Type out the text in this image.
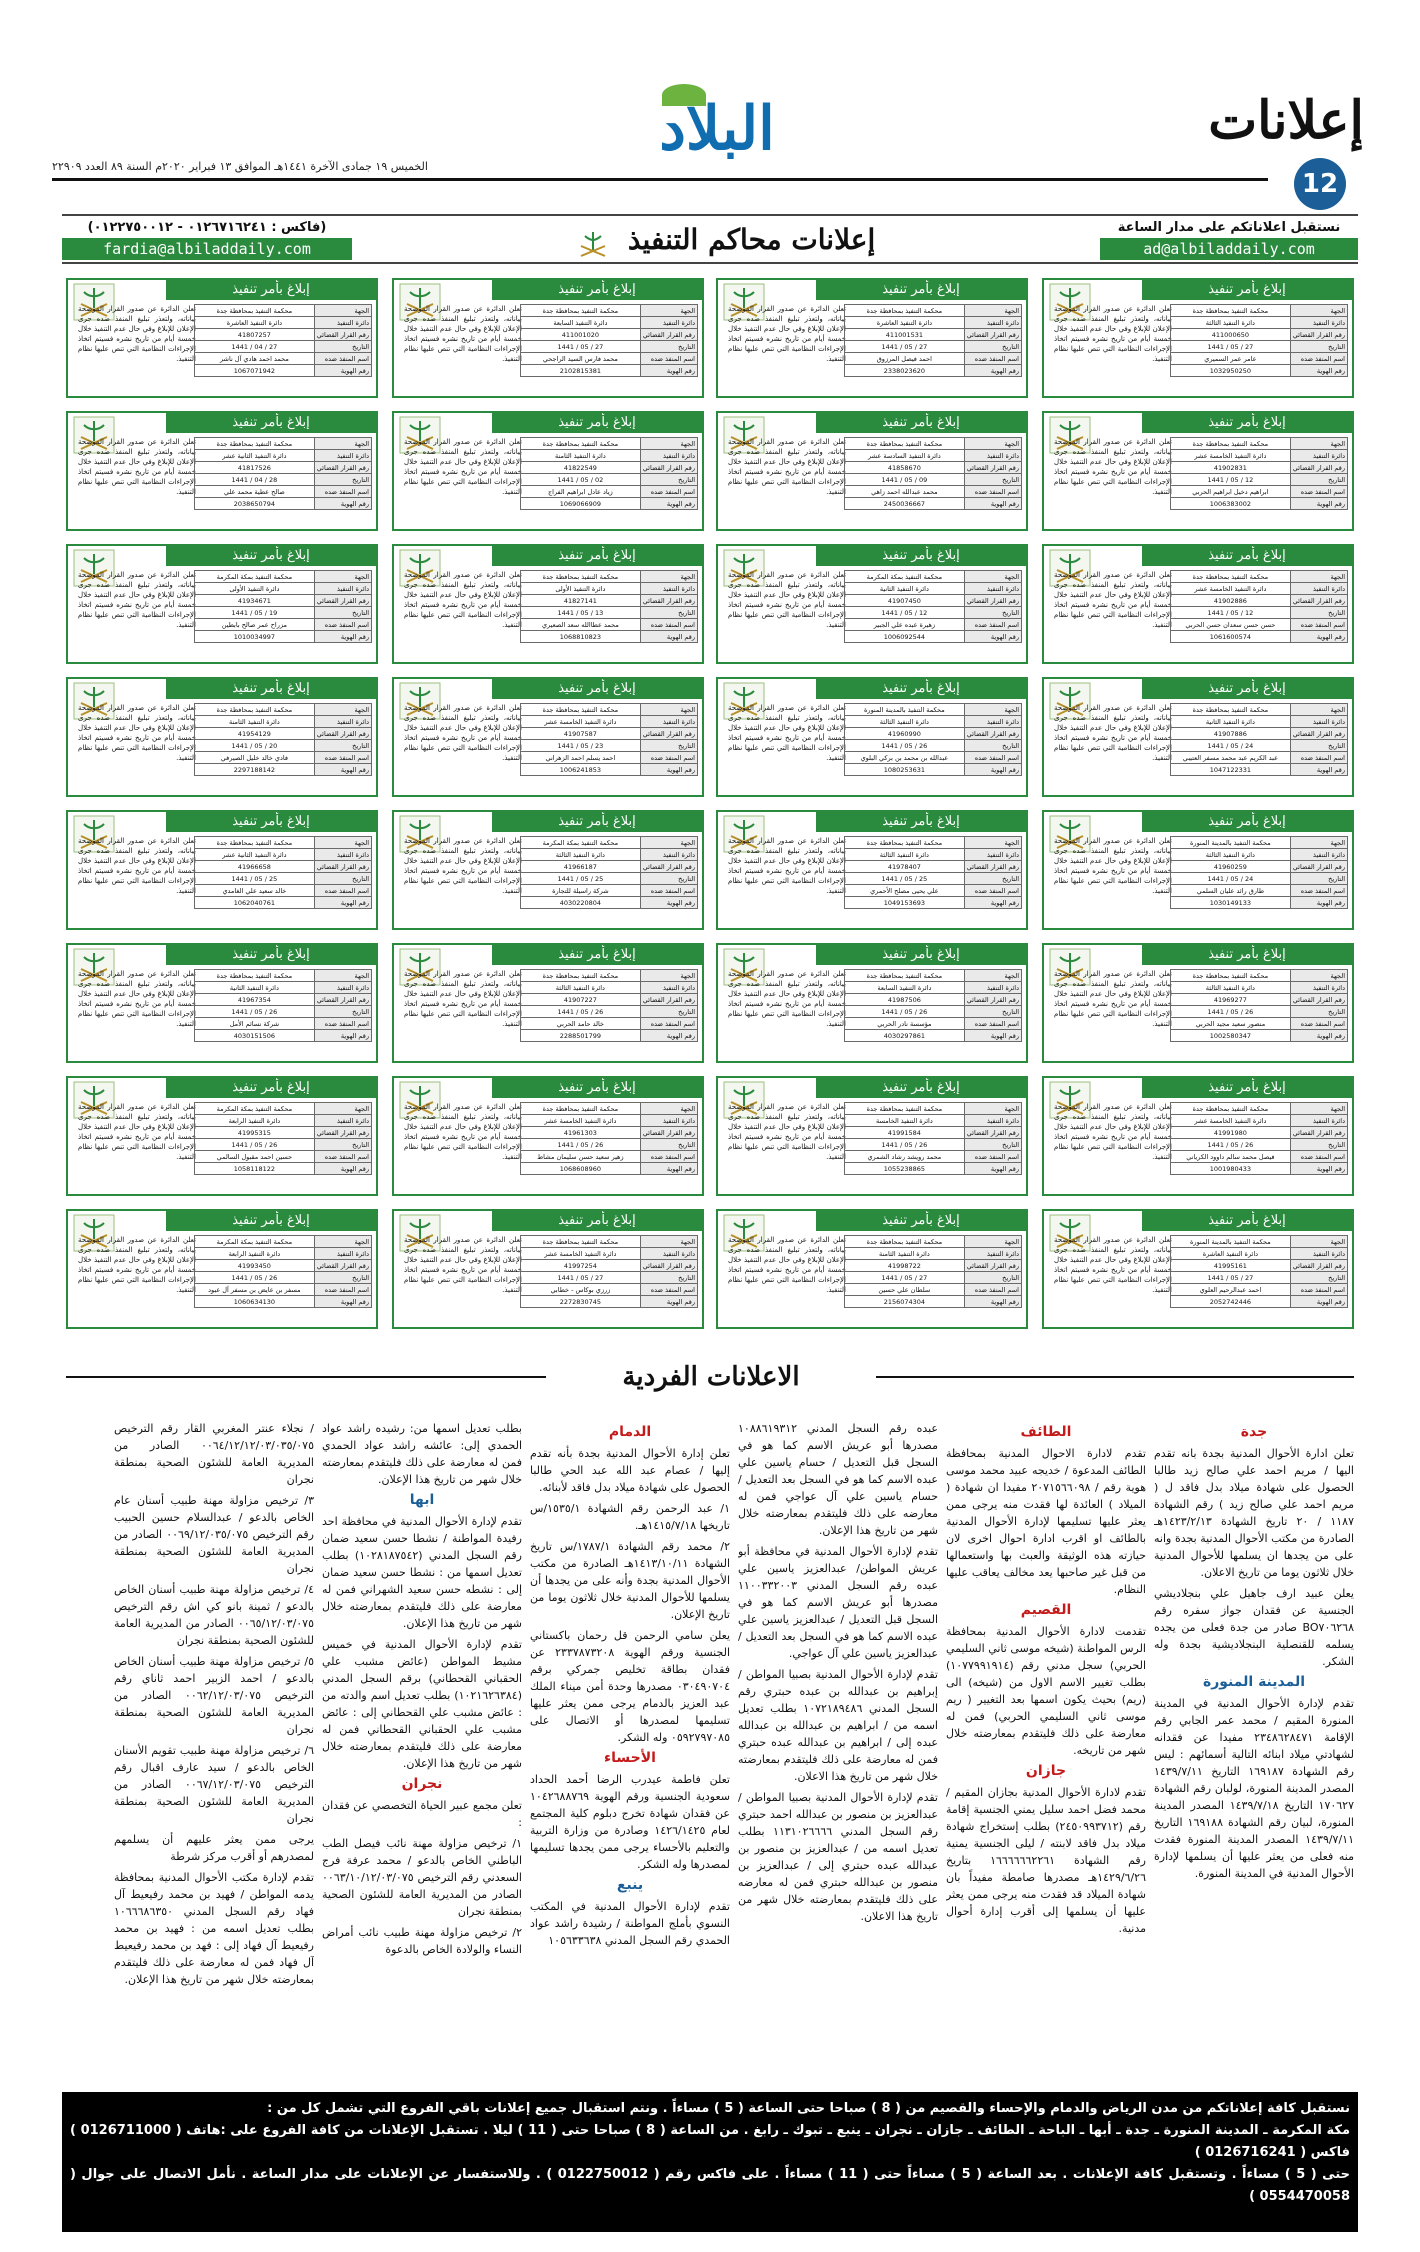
إعلانات
12
البلاد
الخميس ١٩ جمادى الآخرة ١٤٤١هـ الموافق ١٣ فبراير ٢٠٢٠م السنة ٨٩ العدد ٢٢٩٠٩
نستقبل اعلاناتكم على مدار الساعة
ad@albiladdaily.com
إعلانات محاكم التنفيذ
(فاكس : ٠١٢٦٧١٦٢٤١ - ٠١٢٢٧٥٠٠١٢)
fardia@albiladdaily.com
إبلاغ بأمر تنفيذ
تعلن الدائرة عن صدور القرار الموضحة بياناته، ولتعذر تبليغ المنفذ ضده جرى الإعلان للإبلاغ وفي حال عدم التنفيذ خلال خمسة أيام من تاريخ نشره فسيتم اتخاذ الإجراءات النظامية التي تنص عليها نظام التنفيذ.
الجهة	محكمة التنفيذ بمحافظة جدة
دائرة التنفيذ	دائرة التنفيذ الثالثة
رقم القرار القضائي	411000650
التاريخ	27 / 05 / 1441
اسم المنفذ ضده	عامر عمر السميري
رقم الهوية	1032950250
إبلاغ بأمر تنفيذ
تعلن الدائرة عن صدور القرار الموضحة بياناته، ولتعذر تبليغ المنفذ ضده جرى الإعلان للإبلاغ وفي حال عدم التنفيذ خلال خمسة أيام من تاريخ نشره فسيتم اتخاذ الإجراءات النظامية التي تنص عليها نظام التنفيذ.
الجهة	محكمة التنفيذ بمحافظة جدة
دائرة التنفيذ	دائرة التنفيذ العاشرة
رقم القرار القضائي	411001531
التاريخ	27 / 05 / 1441
اسم المنفذ ضده	احمد فيصل المرزوق
رقم الهوية	2338023620
إبلاغ بأمر تنفيذ
تعلن الدائرة عن صدور القرار الموضحة بياناته، ولتعذر تبليغ المنفذ ضده جرى الإعلان للإبلاغ وفي حال عدم التنفيذ خلال خمسة أيام من تاريخ نشره فسيتم اتخاذ الإجراءات النظامية التي تنص عليها نظام التنفيذ.
الجهة	محكمة التنفيذ بمحافظة جدة
دائرة التنفيذ	دائرة التنفيذ السابعة
رقم القرار القضائي	411001020
التاريخ	27 / 05 / 1441
اسم المنفذ ضده	محمد فارس السيد الراجحي
رقم الهوية	2102815381
إبلاغ بأمر تنفيذ
تعلن الدائرة عن صدور القرار الموضحة بياناته، ولتعذر تبليغ المنفذ ضده جرى الإعلان للإبلاغ وفي حال عدم التنفيذ خلال خمسة أيام من تاريخ نشره فسيتم اتخاذ الإجراءات النظامية التي تنص عليها نظام التنفيذ.
الجهة	محكمة التنفيذ بمحافظة جدة
دائرة التنفيذ	دائرة التنفيذ العاشرة
رقم القرار القضائي	41807257
التاريخ	27 / 04 / 1441
اسم المنفذ ضده	محمد احمد هادي آل ناشر
رقم الهوية	1067071942
إبلاغ بأمر تنفيذ
تعلن الدائرة عن صدور القرار الموضحة بياناته، ولتعذر تبليغ المنفذ ضده جرى الإعلان للإبلاغ وفي حال عدم التنفيذ خلال خمسة أيام من تاريخ نشره فسيتم اتخاذ الإجراءات النظامية التي تنص عليها نظام التنفيذ.
الجهة	محكمة التنفيذ بمحافظة جدة
دائرة التنفيذ	دائرة التنفيذ الخامسة عشر
رقم القرار القضائي	41902831
التاريخ	12 / 05 / 1441
اسم المنفذ ضده	ابراهيم دخيل ابراهيم الحربي
رقم الهوية	1006383002
إبلاغ بأمر تنفيذ
تعلن الدائرة عن صدور القرار الموضحة بياناته، ولتعذر تبليغ المنفذ ضده جرى الإعلان للإبلاغ وفي حال عدم التنفيذ خلال خمسة أيام من تاريخ نشره فسيتم اتخاذ الإجراءات النظامية التي تنص عليها نظام التنفيذ.
الجهة	محكمة التنفيذ بمحافظة جدة
دائرة التنفيذ	دائرة التنفيذ السادسة عشر
رقم القرار القضائي	41858670
التاريخ	09 / 05 / 1441
اسم المنفذ ضده	محمد عبدالله احمد زاهي
رقم الهوية	2450036667
إبلاغ بأمر تنفيذ
تعلن الدائرة عن صدور القرار الموضحة بياناته، ولتعذر تبليغ المنفذ ضده جرى الإعلان للإبلاغ وفي حال عدم التنفيذ خلال خمسة أيام من تاريخ نشره فسيتم اتخاذ الإجراءات النظامية التي تنص عليها نظام التنفيذ.
الجهة	محكمة التنفيذ بمحافظة جدة
دائرة التنفيذ	دائرة التنفيذ الثامنة
رقم القرار القضائي	41822549
التاريخ	02 / 05 / 1441
اسم المنفذ ضده	زياد عادل ابراهيم الفراج
رقم الهوية	1069066909
إبلاغ بأمر تنفيذ
تعلن الدائرة عن صدور القرار الموضحة بياناته، ولتعذر تبليغ المنفذ ضده جرى الإعلان للإبلاغ وفي حال عدم التنفيذ خلال خمسة أيام من تاريخ نشره فسيتم اتخاذ الإجراءات النظامية التي تنص عليها نظام التنفيذ.
الجهة	محكمة التنفيذ بمحافظة جدة
دائرة التنفيذ	دائرة التنفيذ الثانية عشر
رقم القرار القضائي	41817526
التاريخ	28 / 04 / 1441
اسم المنفذ ضده	صالح عطية محمد علي
رقم الهوية	2038650794
إبلاغ بأمر تنفيذ
تعلن الدائرة عن صدور القرار الموضحة بياناته، ولتعذر تبليغ المنفذ ضده جرى الإعلان للإبلاغ وفي حال عدم التنفيذ خلال خمسة أيام من تاريخ نشره فسيتم اتخاذ الإجراءات النظامية التي تنص عليها نظام التنفيذ.
الجهة	محكمة التنفيذ بمحافظة جدة
دائرة التنفيذ	دائرة التنفيذ الخامسة عشر
رقم القرار القضائي	41902886
التاريخ	12 / 05 / 1441
اسم المنفذ ضده	حسن حسن سعدان حسن الحربي
رقم الهوية	1061600574
إبلاغ بأمر تنفيذ
تعلن الدائرة عن صدور القرار الموضحة بياناته، ولتعذر تبليغ المنفذ ضده جرى الإعلان للإبلاغ وفي حال عدم التنفيذ خلال خمسة أيام من تاريخ نشره فسيتم اتخاذ الإجراءات النظامية التي تنص عليها نظام التنفيذ.
الجهة	محكمة التنفيذ بمكة المكرمة
دائرة التنفيذ	دائرة التنفيذ الثانية
رقم القرار القضائي	41907450
التاريخ	12 / 05 / 1441
اسم المنفذ ضده	زهيرة عبده علي الجبير
رقم الهوية	1006092544
إبلاغ بأمر تنفيذ
تعلن الدائرة عن صدور القرار الموضحة بياناته، ولتعذر تبليغ المنفذ ضده جرى الإعلان للإبلاغ وفي حال عدم التنفيذ خلال خمسة أيام من تاريخ نشره فسيتم اتخاذ الإجراءات النظامية التي تنص عليها نظام التنفيذ.
الجهة	محكمة التنفيذ بمحافظة جدة
دائرة التنفيذ	دائرة التنفيذ الأولى
رقم القرار القضائي	41827141
التاريخ	13 / 05 / 1441
اسم المنفذ ضده	محمد عطاالله سعد الصعيري
رقم الهوية	1068810823
إبلاغ بأمر تنفيذ
تعلن الدائرة عن صدور القرار الموضحة بياناته، ولتعذر تبليغ المنفذ ضده جرى الإعلان للإبلاغ وفي حال عدم التنفيذ خلال خمسة أيام من تاريخ نشره فسيتم اتخاذ الإجراءات النظامية التي تنص عليها نظام التنفيذ.
الجهة	محكمة التنفيذ بمكة المكرمة
دائرة التنفيذ	دائرة التنفيذ الأولى
رقم القرار القضائي	41934671
التاريخ	19 / 05 / 1441
اسم المنفذ ضده	مزراح عمر صالح بابطين
رقم الهوية	1010034997
إبلاغ بأمر تنفيذ
تعلن الدائرة عن صدور القرار الموضحة بياناته، ولتعذر تبليغ المنفذ ضده جرى الإعلان للإبلاغ وفي حال عدم التنفيذ خلال خمسة أيام من تاريخ نشره فسيتم اتخاذ الإجراءات النظامية التي تنص عليها نظام التنفيذ.
الجهة	محكمة التنفيذ بمحافظة جدة
دائرة التنفيذ	دائرة التنفيذ الثانية
رقم القرار القضائي	41907886
التاريخ	24 / 05 / 1441
اسم المنفذ ضده	عبد الكريم عبد محمد مسفر العتيبي
رقم الهوية	1047122331
إبلاغ بأمر تنفيذ
تعلن الدائرة عن صدور القرار الموضحة بياناته، ولتعذر تبليغ المنفذ ضده جرى الإعلان للإبلاغ وفي حال عدم التنفيذ خلال خمسة أيام من تاريخ نشره فسيتم اتخاذ الإجراءات النظامية التي تنص عليها نظام التنفيذ.
الجهة	محكمة التنفيذ بالمدينة المنورة
دائرة التنفيذ	دائرة التنفيذ الثالثة
رقم القرار القضائي	41960990
التاريخ	26 / 05 / 1441
اسم المنفذ ضده	عبدالله بن محمد بن بركي البلوي
رقم الهوية	1080253631
إبلاغ بأمر تنفيذ
تعلن الدائرة عن صدور القرار الموضحة بياناته، ولتعذر تبليغ المنفذ ضده جرى الإعلان للإبلاغ وفي حال عدم التنفيذ خلال خمسة أيام من تاريخ نشره فسيتم اتخاذ الإجراءات النظامية التي تنص عليها نظام التنفيذ.
الجهة	محكمة التنفيذ بمحافظة جدة
دائرة التنفيذ	دائرة التنفيذ الخامسة عشر
رقم القرار القضائي	41907587
التاريخ	23 / 05 / 1441
اسم المنفذ ضده	احمد يسلم احمد الزهراني
رقم الهوية	1006241853
إبلاغ بأمر تنفيذ
تعلن الدائرة عن صدور القرار الموضحة بياناته، ولتعذر تبليغ المنفذ ضده جرى الإعلان للإبلاغ وفي حال عدم التنفيذ خلال خمسة أيام من تاريخ نشره فسيتم اتخاذ الإجراءات النظامية التي تنص عليها نظام التنفيذ.
الجهة	محكمة التنفيذ بمحافظة جدة
دائرة التنفيذ	دائرة التنفيذ الثامنة
رقم القرار القضائي	41954129
التاريخ	20 / 05 / 1441
اسم المنفذ ضده	فادي خالد خليل الصيرفي
رقم الهوية	2297188142
إبلاغ بأمر تنفيذ
تعلن الدائرة عن صدور القرار الموضحة بياناته، ولتعذر تبليغ المنفذ ضده جرى الإعلان للإبلاغ وفي حال عدم التنفيذ خلال خمسة أيام من تاريخ نشره فسيتم اتخاذ الإجراءات النظامية التي تنص عليها نظام التنفيذ.
الجهة	محكمة التنفيذ بالمدينة المنورة
دائرة التنفيذ	دائرة التنفيذ الثالثة
رقم القرار القضائي	41960259
التاريخ	24 / 05 / 1441
اسم المنفذ ضده	طارق رائد عليان السلمي
رقم الهوية	1030149133
إبلاغ بأمر تنفيذ
تعلن الدائرة عن صدور القرار الموضحة بياناته، ولتعذر تبليغ المنفذ ضده جرى الإعلان للإبلاغ وفي حال عدم التنفيذ خلال خمسة أيام من تاريخ نشره فسيتم اتخاذ الإجراءات النظامية التي تنص عليها نظام التنفيذ.
الجهة	محكمة التنفيذ بمحافظة جدة
دائرة التنفيذ	دائرة التنفيذ الثالثة
رقم القرار القضائي	41978407
التاريخ	25 / 05 / 1441
اسم المنفذ ضده	علي يحيى مصلح الأحمري
رقم الهوية	1049153693
إبلاغ بأمر تنفيذ
تعلن الدائرة عن صدور القرار الموضحة بياناته، ولتعذر تبليغ المنفذ ضده جرى الإعلان للإبلاغ وفي حال عدم التنفيذ خلال خمسة أيام من تاريخ نشره فسيتم اتخاذ الإجراءات النظامية التي تنص عليها نظام التنفيذ.
الجهة	محكمة التنفيذ بمكة المكرمة
دائرة التنفيذ	دائرة التنفيذ الثالثة
رقم القرار القضائي	41966187
التاريخ	25 / 05 / 1441
اسم المنفذ ضده	شركة راسيلة للتجارة
رقم الهوية	4030220804
إبلاغ بأمر تنفيذ
تعلن الدائرة عن صدور القرار الموضحة بياناته، ولتعذر تبليغ المنفذ ضده جرى الإعلان للإبلاغ وفي حال عدم التنفيذ خلال خمسة أيام من تاريخ نشره فسيتم اتخاذ الإجراءات النظامية التي تنص عليها نظام التنفيذ.
الجهة	محكمة التنفيذ بمحافظة جدة
دائرة التنفيذ	دائرة التنفيذ الثانية عشر
رقم القرار القضائي	41966658
التاريخ	25 / 05 / 1441
اسم المنفذ ضده	خالد سعيد علي الغامدي
رقم الهوية	1062040761
إبلاغ بأمر تنفيذ
تعلن الدائرة عن صدور القرار الموضحة بياناته، ولتعذر تبليغ المنفذ ضده جرى الإعلان للإبلاغ وفي حال عدم التنفيذ خلال خمسة أيام من تاريخ نشره فسيتم اتخاذ الإجراءات النظامية التي تنص عليها نظام التنفيذ.
الجهة	محكمة التنفيذ بمحافظة جدة
دائرة التنفيذ	دائرة التنفيذ الثالثة
رقم القرار القضائي	41969277
التاريخ	26 / 05 / 1441
اسم المنفذ ضده	منصور سعيد مجيد الحربي
رقم الهوية	1002580347
إبلاغ بأمر تنفيذ
تعلن الدائرة عن صدور القرار الموضحة بياناته، ولتعذر تبليغ المنفذ ضده جرى الإعلان للإبلاغ وفي حال عدم التنفيذ خلال خمسة أيام من تاريخ نشره فسيتم اتخاذ الإجراءات النظامية التي تنص عليها نظام التنفيذ.
الجهة	محكمة التنفيذ بمحافظة جدة
دائرة التنفيذ	دائرة التنفيذ السابعة
رقم القرار القضائي	41987506
التاريخ	26 / 05 / 1441
اسم المنفذ ضده	مؤسسة نادر الحربي
رقم الهوية	4030297861
إبلاغ بأمر تنفيذ
تعلن الدائرة عن صدور القرار الموضحة بياناته، ولتعذر تبليغ المنفذ ضده جرى الإعلان للإبلاغ وفي حال عدم التنفيذ خلال خمسة أيام من تاريخ نشره فسيتم اتخاذ الإجراءات النظامية التي تنص عليها نظام التنفيذ.
الجهة	محكمة التنفيذ بمحافظة جدة
دائرة التنفيذ	دائرة التنفيذ الثالثة
رقم القرار القضائي	41907227
التاريخ	26 / 05 / 1441
اسم المنفذ ضده	خالد حامد الحربي
رقم الهوية	2288501799
إبلاغ بأمر تنفيذ
تعلن الدائرة عن صدور القرار الموضحة بياناته، ولتعذر تبليغ المنفذ ضده جرى الإعلان للإبلاغ وفي حال عدم التنفيذ خلال خمسة أيام من تاريخ نشره فسيتم اتخاذ الإجراءات النظامية التي تنص عليها نظام التنفيذ.
الجهة	محكمة التنفيذ بمحافظة جدة
دائرة التنفيذ	دائرة التنفيذ الثانية
رقم القرار القضائي	41967354
التاريخ	26 / 05 / 1441
اسم المنفذ ضده	شركة نسائم الأمل
رقم الهوية	4030151506
إبلاغ بأمر تنفيذ
تعلن الدائرة عن صدور القرار الموضحة بياناته، ولتعذر تبليغ المنفذ ضده جرى الإعلان للإبلاغ وفي حال عدم التنفيذ خلال خمسة أيام من تاريخ نشره فسيتم اتخاذ الإجراءات النظامية التي تنص عليها نظام التنفيذ.
الجهة	محكمة التنفيذ بمحافظة جدة
دائرة التنفيذ	دائرة التنفيذ الخامسة عشر
رقم القرار القضائي	41991980
التاريخ	26 / 05 / 1441
اسم المنفذ ضده	فيصل محمد سالم داوود الكرياني
رقم الهوية	1001980433
إبلاغ بأمر تنفيذ
تعلن الدائرة عن صدور القرار الموضحة بياناته، ولتعذر تبليغ المنفذ ضده جرى الإعلان للإبلاغ وفي حال عدم التنفيذ خلال خمسة أيام من تاريخ نشره فسيتم اتخاذ الإجراءات النظامية التي تنص عليها نظام التنفيذ.
الجهة	محكمة التنفيذ بمحافظة جدة
دائرة التنفيذ	دائرة التنفيذ الخامسة
رقم القرار القضائي	41991584
التاريخ	26 / 05 / 1441
اسم المنفذ ضده	محمد رويشد رشاد الشمري
رقم الهوية	1055238865
إبلاغ بأمر تنفيذ
تعلن الدائرة عن صدور القرار الموضحة بياناته، ولتعذر تبليغ المنفذ ضده جرى الإعلان للإبلاغ وفي حال عدم التنفيذ خلال خمسة أيام من تاريخ نشره فسيتم اتخاذ الإجراءات النظامية التي تنص عليها نظام التنفيذ.
الجهة	محكمة التنفيذ بمحافظة جدة
دائرة التنفيذ	دائرة التنفيذ الخامسة عشر
رقم القرار القضائي	41961303
التاريخ	26 / 05 / 1441
اسم المنفذ ضده	زهير سعيد حسن سليمان مشاط
رقم الهوية	1068608960
إبلاغ بأمر تنفيذ
تعلن الدائرة عن صدور القرار الموضحة بياناته، ولتعذر تبليغ المنفذ ضده جرى الإعلان للإبلاغ وفي حال عدم التنفيذ خلال خمسة أيام من تاريخ نشره فسيتم اتخاذ الإجراءات النظامية التي تنص عليها نظام التنفيذ.
الجهة	محكمة التنفيذ بمكة المكرمة
دائرة التنفيذ	دائرة التنفيذ الرابعة
رقم القرار القضائي	41995315
التاريخ	26 / 05 / 1441
اسم المنفذ ضده	حسين احمد مقبول السالمي
رقم الهوية	1058118122
إبلاغ بأمر تنفيذ
تعلن الدائرة عن صدور القرار الموضحة بياناته، ولتعذر تبليغ المنفذ ضده جرى الإعلان للإبلاغ وفي حال عدم التنفيذ خلال خمسة أيام من تاريخ نشره فسيتم اتخاذ الإجراءات النظامية التي تنص عليها نظام التنفيذ.
الجهة	محكمة التنفيذ بالمدينة المنورة
دائرة التنفيذ	دائرة التنفيذ العاشرة
رقم القرار القضائي	41995161
التاريخ	27 / 05 / 1441
اسم المنفذ ضده	احمد عبدالرحيم العلوي
رقم الهوية	2052742446
إبلاغ بأمر تنفيذ
تعلن الدائرة عن صدور القرار الموضحة بياناته، ولتعذر تبليغ المنفذ ضده جرى الإعلان للإبلاغ وفي حال عدم التنفيذ خلال خمسة أيام من تاريخ نشره فسيتم اتخاذ الإجراءات النظامية التي تنص عليها نظام التنفيذ.
الجهة	محكمة التنفيذ بمحافظة جدة
دائرة التنفيذ	دائرة التنفيذ الثامنة
رقم القرار القضائي	41998722
التاريخ	27 / 05 / 1441
اسم المنفذ ضده	سلطان علي حسين
رقم الهوية	2156074304
إبلاغ بأمر تنفيذ
تعلن الدائرة عن صدور القرار الموضحة بياناته، ولتعذر تبليغ المنفذ ضده جرى الإعلان للإبلاغ وفي حال عدم التنفيذ خلال خمسة أيام من تاريخ نشره فسيتم اتخاذ الإجراءات النظامية التي تنص عليها نظام التنفيذ.
الجهة	محكمة التنفيذ بمحافظة جدة
دائرة التنفيذ	دائرة التنفيذ الخامسة عشر
رقم القرار القضائي	41997254
التاريخ	27 / 05 / 1441
اسم المنفذ ضده	زرزي بوكاس - خطابي
رقم الهوية	2272830745
إبلاغ بأمر تنفيذ
تعلن الدائرة عن صدور القرار الموضحة بياناته، ولتعذر تبليغ المنفذ ضده جرى الإعلان للإبلاغ وفي حال عدم التنفيذ خلال خمسة أيام من تاريخ نشره فسيتم اتخاذ الإجراءات النظامية التي تنص عليها نظام التنفيذ.
الجهة	محكمة التنفيذ بمكة المكرمة
دائرة التنفيذ	دائرة التنفيذ الرابعة
رقم القرار القضائي	41993450
التاريخ	26 / 05 / 1441
اسم المنفذ ضده	مسفر بن عايض بن مسفر آل عبود
رقم الهوية	1060634130
الاعلانات الفردية
جدة
تعلن ادارة الأحوال المدنية بجدة بانه تقدم اليها / مريم احمد علي صالح زيد طالبا الحصول على شهادة ميلاد بدل فاقد ل ( مريم احمد علي صالح زيد ) رقم الشهادة ١١٨٧ / ٢٠ تاريخ الشهادة ١٤٢٣/٢/١٣هـ الصادرة من مكتب الأحوال المدنية بجدة وانه على من يجدها ان يسلمها للأحوال المدنية خلال ثلاثون يوما من تاريخ الاعلان.
يعلن عبيد ارف جاهيل علي بنجلاديشي الجنسية عن فقدان جواز سفره رقم BO٧٠٦٢٦٨ صادر من جدة فعلى من يجده يسلمه للقنصلية البنجلاديشية بجدة وله الشكر.
المدينة المنورة
تقدم لإدارة الأحوال المدنية في المدينة المنورة المقيم / محمد عمر الجابي رقم الإقامة ٢٣٤٨٦٢٨٤٧١ مفيدا عن فقدانه لشهادتي ميلاد ابنائه التالية أسمائهم : ليس رقم الشهادة ١٦٩١٨٧ التاريخ ١٤٣٩/٧/١١ المصدر المدينة المنورة، لولبان رقم الشهادة ١٧٠٦٢٧ التاريخ ١٤٣٩/٧/١٨ المصدر المدينة المنورة، لبيان رقم الشهادة ١٦٩١٨٨ التاريخ ١٤٣٩/٧/١١ المصدر المدينة المنورة فقدت منه فعلى من يعثر عليها أن يسلمها لإدارة الأحوال المدنية في المدينة المنورة.
الطائف
تقدم لادارة الاحوال المدنية بمحافظة الطائف المدعوة / خديجه عبيد محمد موسى هوية رقم / ٢٠٧١٥٦٦٠٩٨ مفيدا ان شهادة ( الميلاد ) العائدة لها فقدت منه يرجى ممن يعثر عليها تسليمها لإدارة الأحوال المدنية بالطائف او اقرب ادارة احوال اخرى لان حيازته هذه الوثيقة والعبث بها واستعمالها من قبل غير صاحبها يعد مخالف يعاقب عليها النظام.
القصيم
تقدمت لادارة الأحوال المدنية بمحافظة الرس المواطنة (شيخه موسى ثاني السليمي الحربي) سجل مدني رقم (١٠٧٧٩٩١٩١٤) بطلب تغيير الاسم الاول من (شيخه) الى (ريم) بحيث يكون اسمها بعد التغيير ( ريم موسى ثاني السليمي الحربي) فمن له معارضة على ذلك فليتقدم بمعارضته خلال شهر من تاريخه.
جازان
تقدم لادارة الأحوال المدنية بجازان المقيم / محمد فضل احمد سليل يمني الجنسية إقامة رقم (٢٤٥٠٩٩٣٧١٢) بطلب إستخراج شهادة ميلاد بدل فاقد لابنته / ليلى الجنسية يمنية رقم الشهادة ١٦٦٦٦٦٦٢٢٦١ بتاريخ ١٤٢٩/٦/٢٦هـ مصدرها صامطة مفيداً بان شهادة الميلاد قد فقدت منه يرجى ممن يعثر عليها أن يسلمها إلى أقرب إدارة أحوال مدنية.
عبده رقم السجل المدني ١٠٨٨٦١٩٣١٢ مصدرها أبو عريش الاسم كما هو في السجل قبل التعديل / حسام ياسين علي عبده الاسم كما هو في السجل بعد التعديل / حسام ياسين علي آل عواجي فمن له معارضه على ذلك فليتقدم بمعارضته خلال شهر من تاريخ هذا الإعلان.
تقدم لإدارة الأحوال المدنية في محافظة أبو عريش المواطن/ عبدالعزيز ياسين علي عبده رقم السجل المدني ١١٠٠٣٣٢٠٠٣ مصدرها أبو عريش الاسم كما هو في السجل قبل التعديل / عبدالعزيز ياسين علي عبده الاسم كما هو في السجل بعد التعديل / عبدالعزيز ياسين علي آل عواجي.
تقدم لإدارة الأحوال المدنية بصبيا المواطن / إبراهيم بن عبدالله بن عبده حبتري رقم السجل المدني ١٠٧٢١٨٩٤٨٦ بطلب تعديل اسمه من / ابراهيم بن عبدالله بن عبدالله عبده إلى / ابراهيم بن عبدالله عبده حبتري فمن له معارضة على ذلك فليتقدم بمعارضته خلال شهر من تاريخ هذا الاعلان.
تقدم لإدارة الأحوال المدنية بصبيا المواطن / عبدالعزيز بن منصور بن عبدالله احمد حبتري رقم السجل المدني ١١٣١٠٢٦٦٦٦ بطلب تعديل اسمه من / عبدالعزيز بن منصور بن عبدالله عبده حبتري إلى / عبدالعزيز بن منصور بن عبدالله حبتري فمن له معارضه على ذلك فليتقدم بمعارضته خلال شهر من تاريخ هذا الاعلان.
الدمام
تعلن إدارة الأحوال المدنية بجدة بأنه تقدم إليها / عصام عبد الله عبد الحي طالبا الحصول على شهادة ميلاد بدل فاقد لأبنائه.
١/ عبد الرحمن رقم الشهادة ١٥٣٥/١/س تاريخها ١٤١٥/٧/١٨هـ.
٢/ محمد رقم الشهادة ١٧٨٧/١/س تاريخ الشهادة ١٤١٣/١٠/١١هـ الصادرة من مكتب الأحوال المدنية بجدة وأنه على من يجدها أن يسلمها للأحوال المدنية خلال ثلاثون يوما من تاريخ الإعلان.
يعلن سامي الرحمن قل رحمان باكستاني الجنسية ورقم الهوية ٢٣٣٧٨٧٣٢٠٨ عن فقدان بطاقة تخليص جمركي برقم ٠٣٠٤٩٠٧٠٤ مصدرها وحدة أمن ميناء الملك عبد العزيز بالدمام يرجى ممن يعثر عليها تسليمها لمصدرها أو الاتصال على ٠٥٩٢٧٩٧٠٨٥ وله الشكر.
الأحساء
تعلن فاطمة عيدرب الرضا أحمد الحداد سعودية الجنسية ورقم الهوية ١٠٤٢٦٨٨٧٦٩ عن فقدان شهادة تخرج دبلوم كلية المجتمع لعام ١٤٢٦/١٤٢٥ وصادرة من وزارة التربية والتعليم بالأحساء يرجى ممن يجدها تسليمها لمصدرها وله الشكر.
ينبع
تقدم لإدارة الأحوال المدنية في المكتب النسوي بأملج المواطنة / رشيدة راشد عواد الحمدي رقم السجل المدني ١٠٥٦٣٣٦٣٨
بطلب تعديل اسمها من: رشيده راشد عواد الحمدي إلى: عائشه راشد عواد الحمدي فمن له معارضة على ذلك فليتقدم بمعارضته خلال شهر من تاريخ هذا الإعلان.
ابها
تقدم لإدارة الأحوال المدنية في محافظة احد رفيدة المواطنة / نشطا حسن سعيد ضمان رقم السجل المدني (١٠٢٨١٨٧٥٤٢) بطلب تعديل اسمها من : نشطا حسن سعيد ضمان إلى : نشطه حسن سعيد الشهراني فمن له معارضة على ذلك فليتقدم بمعارضته خلال شهر من تاريخ هذا الإعلان.
تقدم لإدارة الأحوال المدنية في خميس مشيط المواطن (عائض مشبب علي الحقباني القحطاني) برقم السجل المدني (١٠٢١٦٢٦٣٨٤) بطلب تعديل اسم والدته من : عائض مشبب علي القحطاني إلى : عائض مشبب علي الحقباني القحطاني فمن له معارضة على ذلك فليتقدم بمعارضته خلال شهر من تاريخ هذا الإعلان.
نجران
تعلن مجمع عبير الحياة التخصصي عن فقدان :
١/ ترخيص مزاولة مهنة نائب فيصل الطب الباطني الخاص بالدعو / محمد عرفة فرج السعدني رقم الترخيص ٠٠٦٣/١٠/١٢/٠٣/٠٧٥ الصادر من المديرية العامة للشئون الصحية بمنطقة نجران
٢/ ترخيص مزاولة مهنة طبيب نائب أمراض النساء والولادة الخاص بالدعوة
/ نجلاء عنتر المغربي القار رقم الترخيص ٠٠٦٤/١٢/١٢/٠٣/٠٣٥/٠٧٥ الصادر من المديرية العامة للشئون الصحية بمنطقة نجران
٣/ ترخيص مزاولة مهنة طبيب أسنان عام الخاص بالدعو / عبدالسلام حسين الحبيب رقم الترخيص ٠٠٦٩/١٢/٠٣٥/٠٧٥ الصادر من المديرية العامة للشئون الصحية بمنطقة نجران
٤/ ترخيص مزاولة مهنة طبيب أسنان الخاص بالدعو / ثمينة بانو كي اش رقم الترخيص ٠٠٦٥/١٢/٠٣/٠٧٥ الصادر من المديرية العامة للشئون الصحية بمنطقة نجران
٥/ ترخيص مزاولة مهنة طبيب أسنان الخاص بالدعو / احمد الزبير احمد ثاناي رقم الترخيص ٠٠٦٢/١٢/٠٣/٠٧٥ الصادر من المديرية العامة للشئون الصحية بمنطقة نجران
٦/ ترخيص مزاولة مهنة طبيب تقويم الأسنان الخاص بالدعو / سيد عارف اقبال رقم الترخيص ٠٠٦٧/١٢/٠٣/٠٧٥ الصادر من المديرية العامة للشئون الصحية بمنطقة نجران
يرجى ممن يعثر عليهم أن يسلمهم لمصدرهم أو أقرب مركز شرطة
تقدم لإدارة مكتب الأحوال المدنية بمحافظة يدمه المواطن / فهيد بن محمد رفيعيط آل فهاد رقم السجل المدني ١٠٦٦٦٨٦٣٥٠ بطلب تعديل اسمه من : فهيد بن محمد رفيعيط آل فهاد إلى : فهد بن محمد رفيعيط آل فهاد فمن له معارضة على ذلك فليتقدم بمعارضته خلال شهر من تاريخ هذا الإعلان.
نستقبل كافة إعلاناتكم من مدن الرياض والدمام والإحساء والقصيم من ( 8 ) صباحا حتى الساعة ( 5 ) مساءاً . ونتم استقبال جميع إعلانات باقي الفروع التي تشمل كل من :
مكة المكرمة ـ المدينة المنورة ـ جدة ـ أبها ـ الباحة ـ الطائف ـ جازان ـ نجران ـ ينبع ـ تبوك ـ رابغ . من الساعة ( 8 ) صباحا حتى ( 11 ) ليلا . تستقبل الإعلانات من كافة الفروع على :هاتف ( 0126711000 ) فاكس ( 0126716241 )
حتى ( 5 ) مساءاً . وتستقبل كافة الإعلانات . بعد الساعة ( 5 ) مساءاً حتى ( 11 ) مساءاً . على فاكس رقم ( 0122750012 ) . وللاستفسار عن الإعلانات على مدار الساعة . نأمل الاتصال على جوال ( 0554470058 )
